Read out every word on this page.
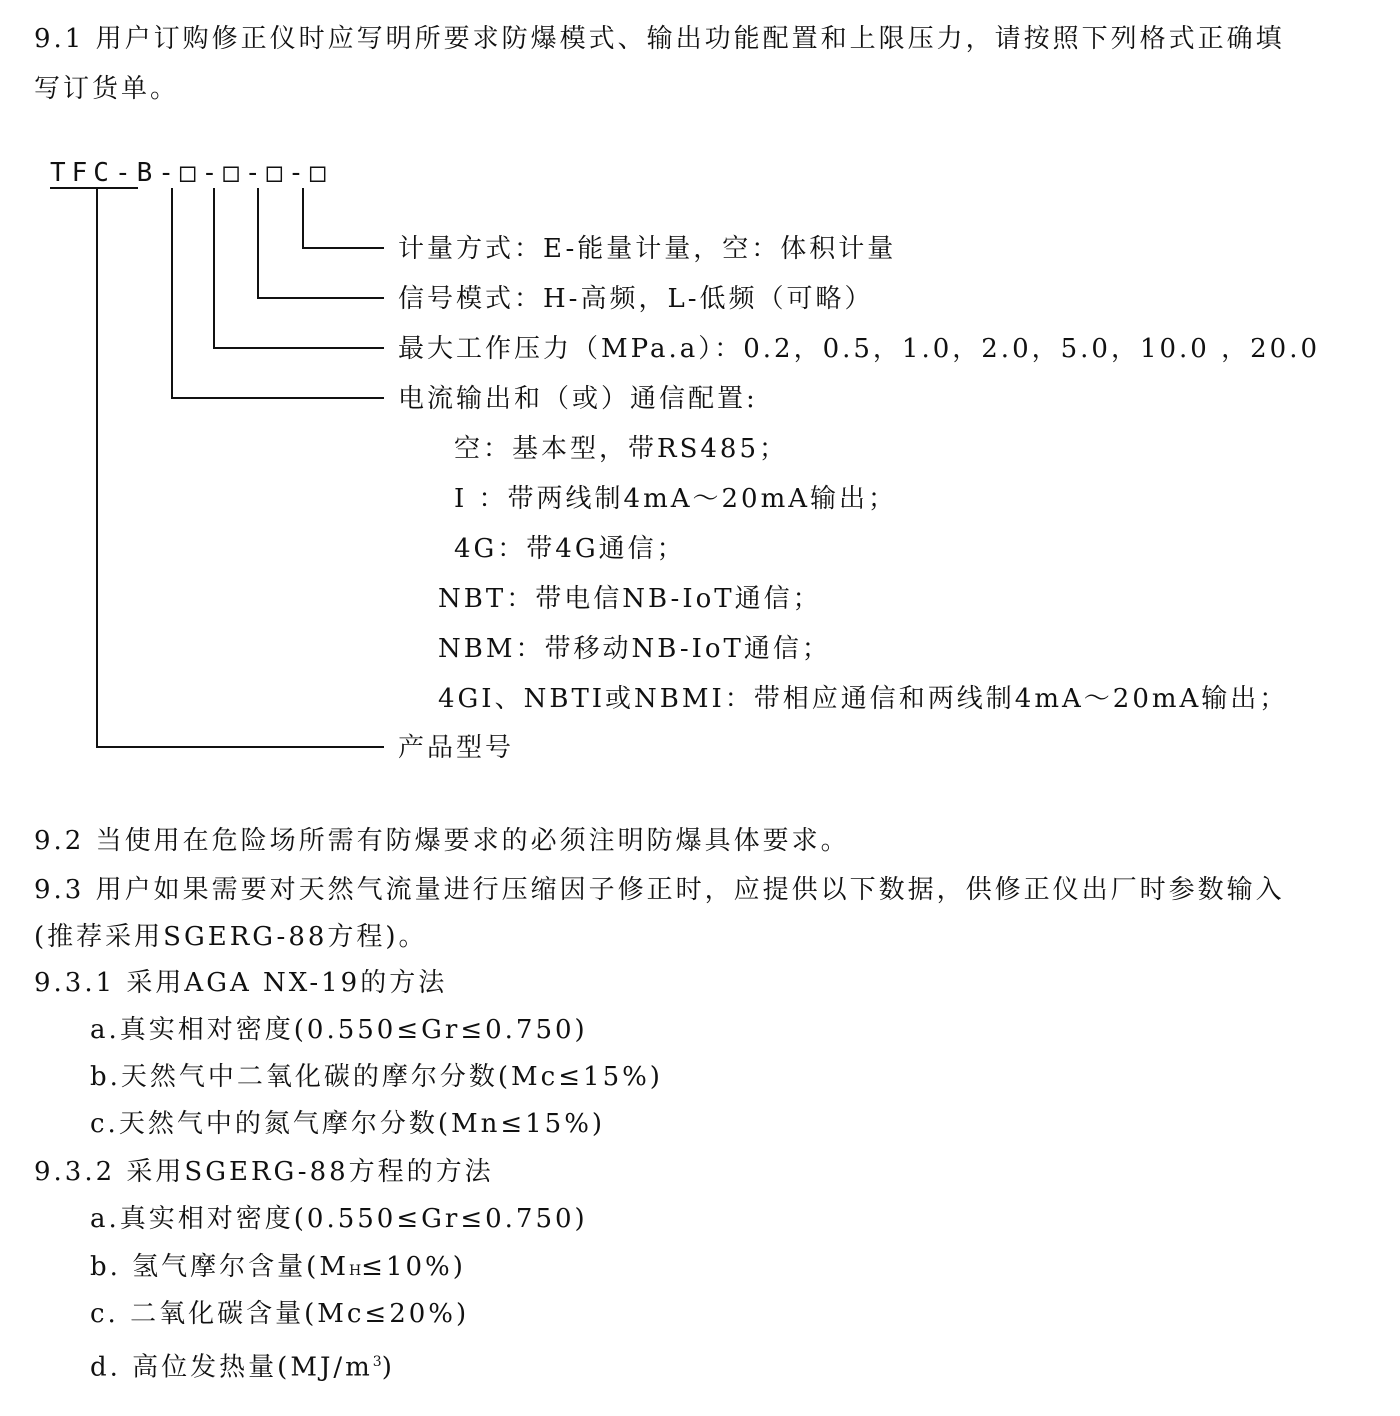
9.1 用户订购修正仪时应写明所要求防爆模式、输出功能配置和上限压力，请按照下列格式正确填
写订货单。
TFC-B-□-□-□-□
计量方式：E-能量计量，空：体积计量
信号模式：H-高频，L-低频（可略）
最大工作压力（MPa.a）：0.2，0.5，1.0，2.0，5.0，10.0 ，20.0
电流输出和（或）通信配置:
空：基本型，带RS485；
I ：带两线制4mA～20mA输出；
4G：带4G通信；
NBT：带电信NB-IoT通信；
NBM：带移动NB-IoT通信；
4GI、NBTI或NBMI：带相应通信和两线制4mA～20mA输出；
产品型号
9.2 当使用在危险场所需有防爆要求的必须注明防爆具体要求。
9.3 用户如果需要对天然气流量进行压缩因子修正时，应提供以下数据，供修正仪出厂时参数输入
(推荐采用SGERG-88方程)。
9.3.1 采用AGA NX-19的方法
a.真实相对密度(0.550≤Gr≤0.750)
b.天然气中二氧化碳的摩尔分数(Mc≤15%)
c.天然气中的氮气摩尔分数(Mn≤15%)
9.3.2 采用SGERG-88方程的方法
a.真实相对密度(0.550≤Gr≤0.750)
b. 氢气摩尔含量(MH≤10%)
c. 二氧化碳含量(Mc≤20%)
d. 高位发热量$(MJ/m^3)$
